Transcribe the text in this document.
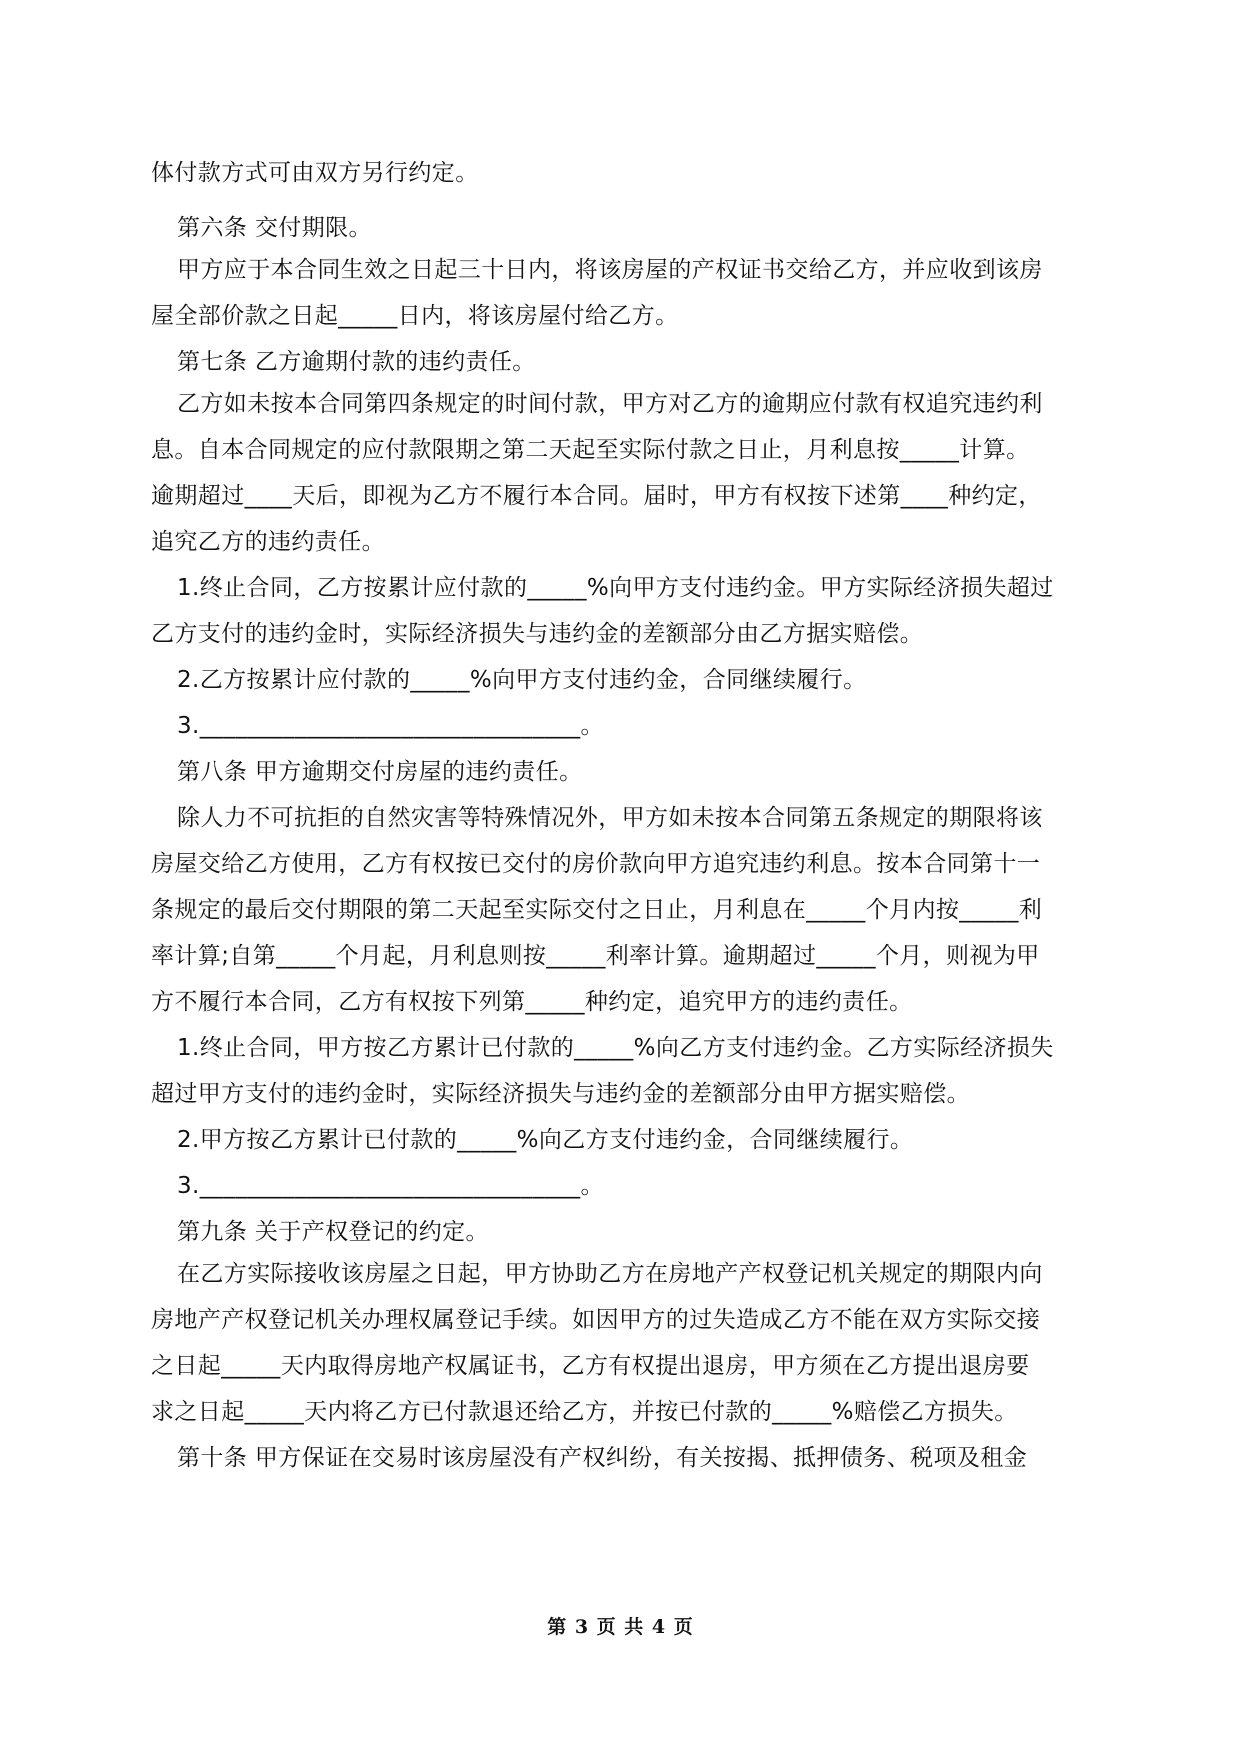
体付款方式可由双方另行约定。
第六条 交付期限。
甲方应于本合同生效之日起三十日内，将该房屋的产权证书交给乙方，并应收到该房
屋全部价款之日起_____日内，将该房屋付给乙方。
第七条 乙方逾期付款的违约责任。
乙方如未按本合同第四条规定的时间付款，甲方对乙方的逾期应付款有权追究违约利
息。自本合同规定的应付款限期之第二天起至实际付款之日止，月利息按_____计算。
逾期超过____天后，即视为乙方不履行本合同。届时，甲方有权按下述第____种约定，
追究乙方的违约责任。
1.终止合同，乙方按累计应付款的_____%向甲方支付违约金。甲方实际经济损失超过
乙方支付的违约金时，实际经济损失与违约金的差额部分由乙方据实赔偿。
2.乙方按累计应付款的_____%向甲方支付违约金，合同继续履行。
3.________________________________。
第八条 甲方逾期交付房屋的违约责任。
除人力不可抗拒的自然灾害等特殊情况外，甲方如未按本合同第五条规定的期限将该
房屋交给乙方使用，乙方有权按已交付的房价款向甲方追究违约利息。按本合同第十一
条规定的最后交付期限的第二天起至实际交付之日止，月利息在_____个月内按_____利
率计算;自第_____个月起，月利息则按_____利率计算。逾期超过_____个月，则视为甲
方不履行本合同，乙方有权按下列第_____种约定，追究甲方的违约责任。
1.终止合同，甲方按乙方累计已付款的_____%向乙方支付违约金。乙方实际经济损失
超过甲方支付的违约金时，实际经济损失与违约金的差额部分由甲方据实赔偿。
2.甲方按乙方累计已付款的_____%向乙方支付违约金，合同继续履行。
3.________________________________。
第九条 关于产权登记的约定。
在乙方实际接收该房屋之日起，甲方协助乙方在房地产产权登记机关规定的期限内向
房地产产权登记机关办理权属登记手续。如因甲方的过失造成乙方不能在双方实际交接
之日起_____天内取得房地产权属证书，乙方有权提出退房，甲方须在乙方提出退房要
求之日起_____天内将乙方已付款退还给乙方，并按已付款的_____%赔偿乙方损失。
第十条 甲方保证在交易时该房屋没有产权纠纷，有关按揭、抵押债务、税项及租金
第 3 页 共 4 页
